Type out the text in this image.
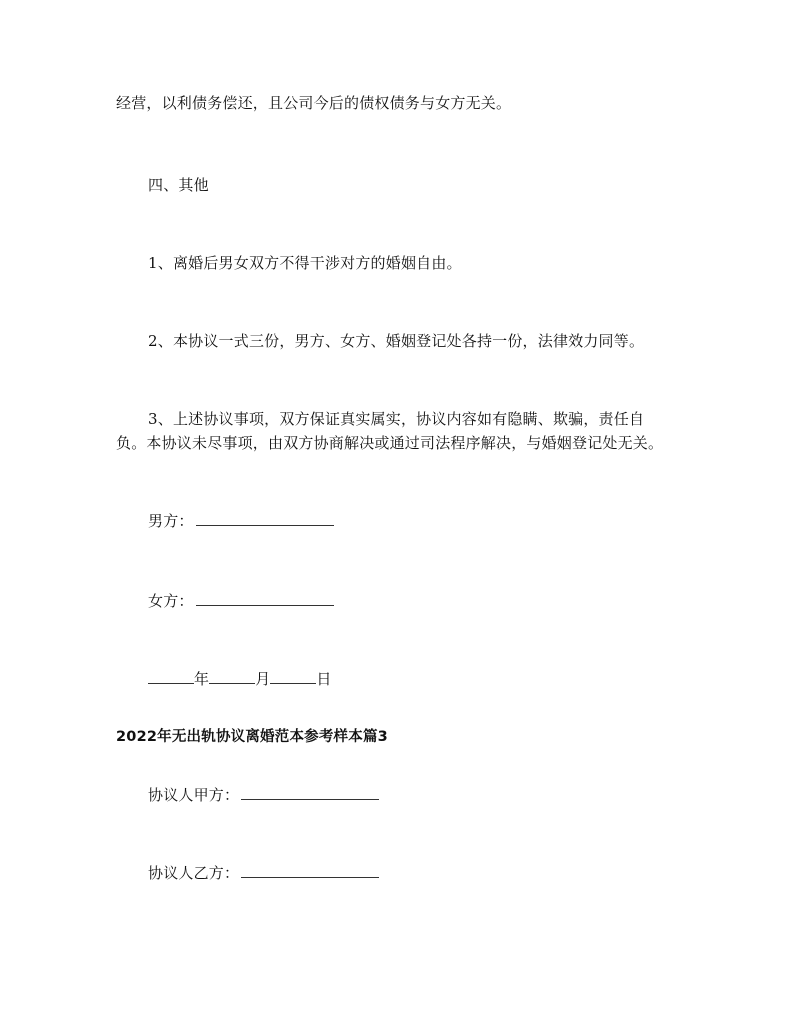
经营，以利债务偿还，且公司今后的债权债务与女方无关。
四、其他
1、离婚后男女双方不得干涉对方的婚姻自由。
2、本协议一式三份，男方、女方、婚姻登记处各持一份，法律效力同等。
3、上述协议事项，双方保证真实属实，协议内容如有隐瞒、欺骗，责任自
负。本协议未尽事项，由双方协商解决或通过司法程序解决，与婚姻登记处无关。
男方：
女方：
年	月	日
2022年无出轨协议离婚范本参考样本篇3
协议人甲方：
协议人乙方：
